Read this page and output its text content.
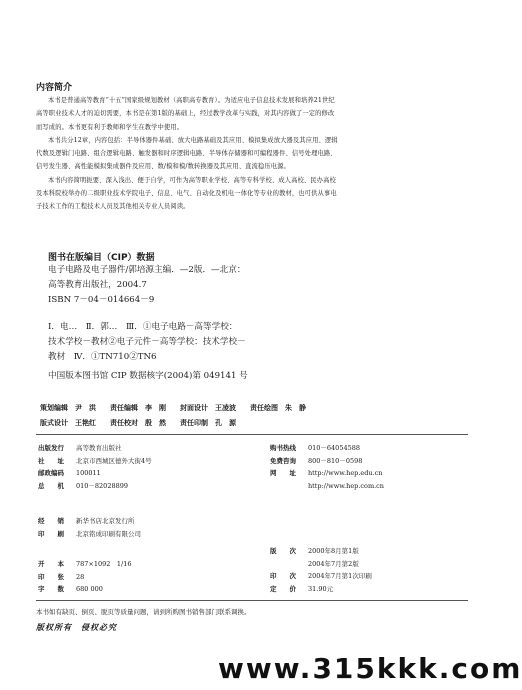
内容简介
本书是普通高等教育“十五”国家级规划教材（高职高专教育）。为适应电子信息技术发展和培养21世纪
高等职业技术人才的迫切需要，本书是在第1版的基础上，经过教学改革与实践，对其内容做了一定的修改
而写成的。本书更有利于教师和学生在教学中使用。
本书共分12章，内容包括：半导体器件基础、放大电路基础及其应用、模拟集成放大器及其应用、逻辑
代数及逻辑门电路、组合逻辑电路、触发器和时序逻辑电路、半导体存储器和可编程器件、信号处理电路、
信号发生器、高性能模拟集成器件及应用、数/模和模/数转换器及其应用、直流稳压电源。
本书内容简明扼要、深入浅出、便于自学，可作为高等职业学校、高等专科学校、成人高校、民办高校
及本科院校举办的二级职业技术学院电子、信息、电气、自动化及机电一体化等专业的教材，也可供从事电
子技术工作的工程技术人员及其他相关专业人员阅读。
图书在版编目（CIP）数据
电子电路及电子器件/郭培源主编．—2版．—北京：
高等教育出版社，2004.7
ISBN 7－04－014664－9
Ⅰ．电…　Ⅱ．郭…　Ⅲ．①电子电路－高等学校：
技术学校－教材②电子元件－高等学校：技术学校－
教材　Ⅳ．①TN710②TN6
中国版本图书馆 CIP 数据核字(2004)第 049141 号
策划编辑　尹　洪　　责任编辑　李　刚　　封面设计　王凌波　　责任绘图　朱　静
版式设计　王艳红　　责任校对　殷　然　　责任印制　孔　源
出版发行 高等教育出版社
社　　址 北京市西城区德外大街4号
邮政编码 100011
总　　机 010－82028899
购书热线 010－64054588
免费咨询 800－810－0598
网　　址 http://www.hep.edu.cn
http://www.hep.com.cn
经　　销 新华书店北京发行所
印　　刷 北京铭成印刷有限公司
开　　本 787×1092　1/16
印　　张 28
字　　数 680 000
版　　次 2000年8月第1版
2004年7月第2版
印　　次 2004年7月第1次印刷
定　　价 31.90元
本书如有缺页、倒页、脱页等质量问题，请到所购图书销售部门联系调换。
版权所有　侵权必究
www.315kkk.com
